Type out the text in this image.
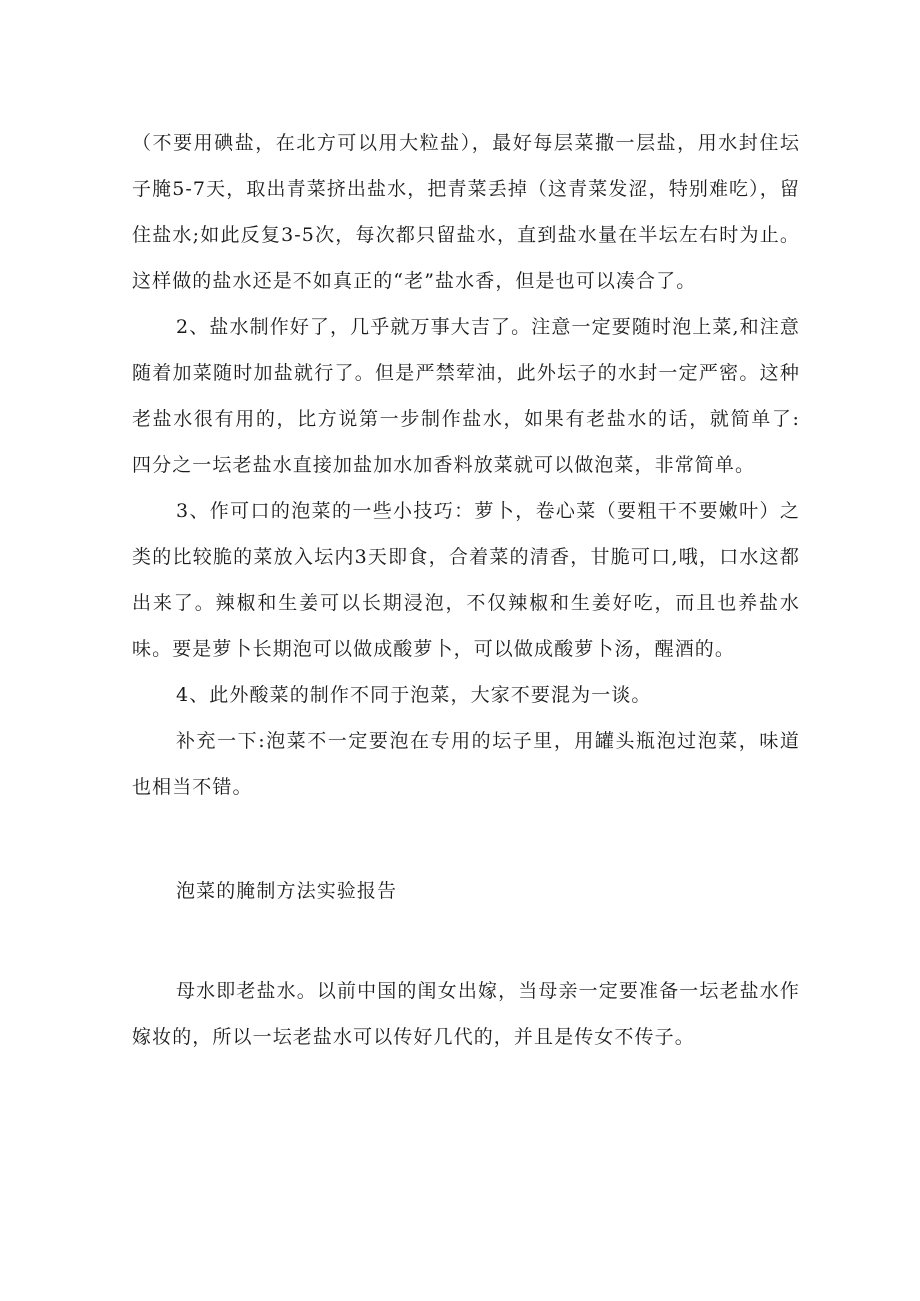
（不要用碘盐，在北方可以用大粒盐），最好每层菜撒一层盐，用水封住坛子腌5-7天，取出青菜挤出盐水，把青菜丢掉（这青菜发涩，特别难吃），留住盐水;如此反复3-5次，每次都只留盐水，直到盐水量在半坛左右时为止。这样做的盐水还是不如真正的“老”盐水香，但是也可以凑合了。

2、盐水制作好了，几乎就万事大吉了。注意一定要随时泡上菜,和注意随着加菜随时加盐就行了。但是严禁荤油，此外坛子的水封一定严密。这种老盐水很有用的，比方说第一步制作盐水，如果有老盐水的话，就简单了:四分之一坛老盐水直接加盐加水加香料放菜就可以做泡菜，非常简单。

3、作可口的泡菜的一些小技巧：萝卜，卷心菜（要粗干不要嫩叶）之类的比较脆的菜放入坛内3天即食，合着菜的清香，甘脆可口,哦，口水这都出来了。辣椒和生姜可以长期浸泡，不仅辣椒和生姜好吃，而且也养盐水味。要是萝卜长期泡可以做成酸萝卜，可以做成酸萝卜汤，醒酒的。

4、此外酸菜的制作不同于泡菜，大家不要混为一谈。

补充一下:泡菜不一定要泡在专用的坛子里，用罐头瓶泡过泡菜，味道也相当不错。

泡菜的腌制方法实验报告

母水即老盐水。以前中国的闺女出嫁，当母亲一定要准备一坛老盐水作嫁妆的，所以一坛老盐水可以传好几代的，并且是传女不传子。
